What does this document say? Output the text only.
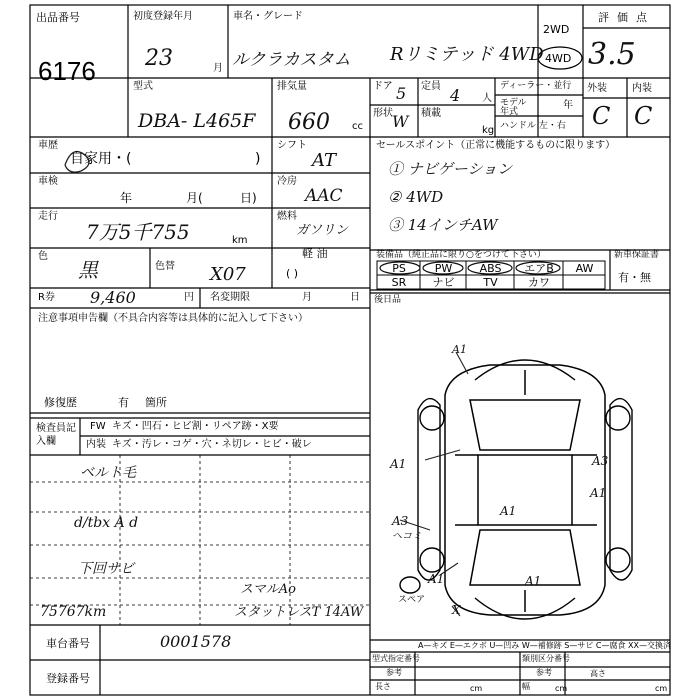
出品番号
6176
初度登録年月
23	月
車名・グレード
ルクラカスタム Rリミテッド 4WD
2WD
4WD
評価点
3.5
型式
DBA- L465F
排気量
660 cc
ドア 5 定員 4 人
形状 W 積載
kg
ディーラー・並行
モデル年式
年
ハンドル 左・右
外装	内装
C C
車歴
自家用・(	)
シフト
AT
車検
年	月(	日)
冷房
AAC
走行
7万5千755	km
燃料
ガソリン
軽 油
( )
色
黒	色替 X07
R券 9,460	円 名変期限	月	日
注意事項申告欄（不具合内容等は具体的に記入して下さい）
修復歴	有 箇所
検査員記入欄
FW キズ・凹石・ヒビ割・リペア跡・X要
内装 キズ・汚レ・コゲ・穴・ネ切レ・ヒビ・破レ
ベルト毛
d/tbx A d
下回サビ
75767km
スマルAo
スタットレスT 14AW
車台番号	0001578
登録番号
セールスポイント（正常に機能するものに限ります）
① ナビゲーション
② 4WD
③ 14インチAW
装備品（純正品に限り○をつけて下さい）	新車保証書
有・無
PS	PW	ABS	エアB	AW
SR	ナビ	TV	カワ
後日品
A1
A1	A3
A1
A1
A1
A3
ヘコミ
A1
X
スペア
A—キズ E—エクボ U—凹み W—補修跡 S—サビ C—腐食 XX—交換済
型式指定番号
参考
類別区分番号
参考
長さ	cm	幅	cm
高さ
cm
